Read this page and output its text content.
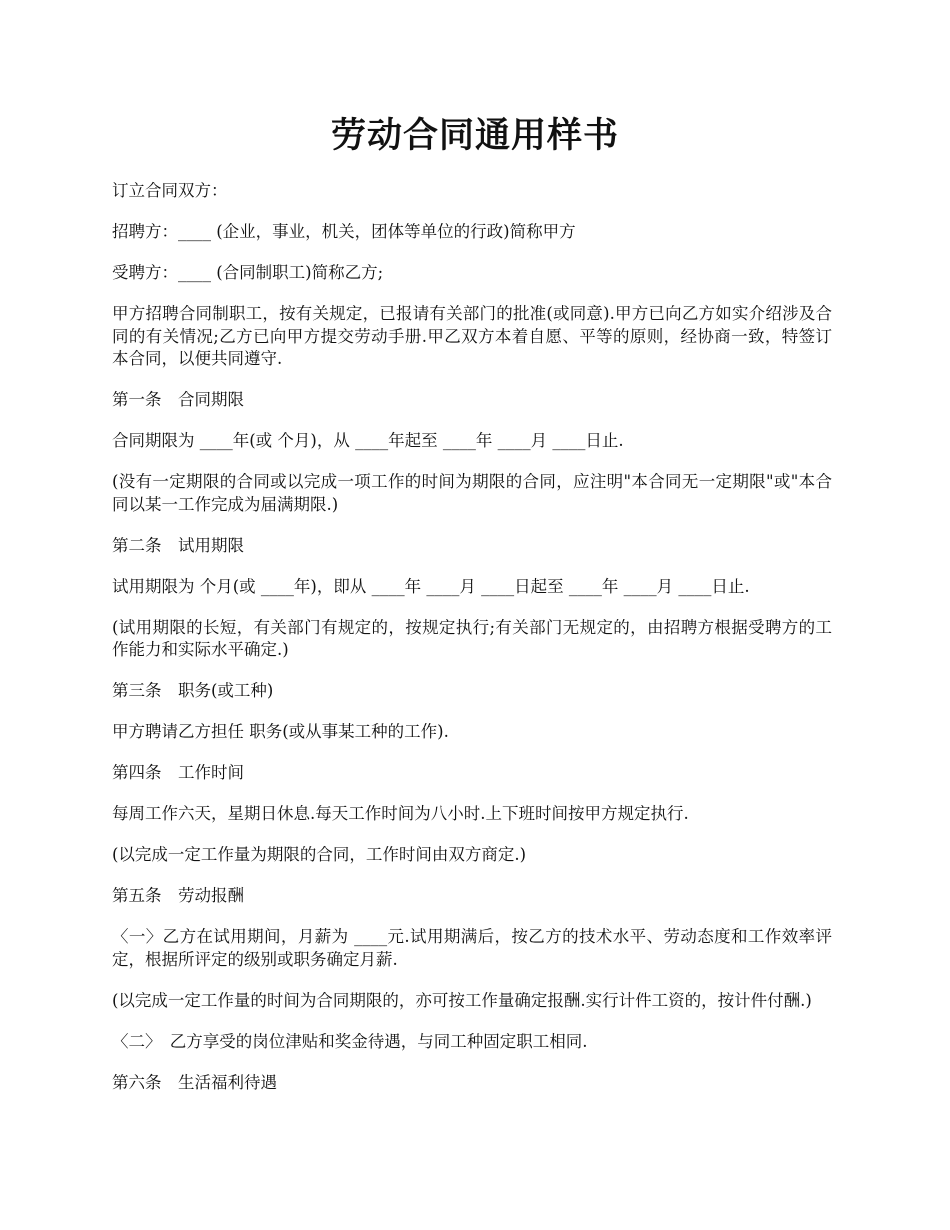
劳动合同通用样书

订立合同双方：

招聘方：____ (企业，事业，机关，团体等单位的行政)简称甲方

受聘方：____ (合同制职工)简称乙方;

甲方招聘合同制职工，按有关规定，已报请有关部门的批准(或同意).甲方已向乙方如实介绍涉及合同的有关情况;乙方已向甲方提交劳动手册.甲乙双方本着自愿、平等的原则，经协商一致，特签订本合同，以便共同遵守.

第一条　合同期限

合同期限为 ____年(或 个月)，从 ____年起至 ____年 ____月 ____日止.

(没有一定期限的合同或以完成一项工作的时间为期限的合同，应注明"本合同无一定期限"或"本合同以某一工作完成为届满期限.)

第二条　试用期限

试用期限为 个月(或 ____年)，即从 ____年 ____月 ____日起至 ____年 ____月 ____日止.

(试用期限的长短，有关部门有规定的，按规定执行;有关部门无规定的，由招聘方根据受聘方的工作能力和实际水平确定.)

第三条　职务(或工种)

甲方聘请乙方担任 职务(或从事某工种的工作).

第四条　工作时间

每周工作六天，星期日休息.每天工作时间为八小时.上下班时间按甲方规定执行.

(以完成一定工作量为期限的合同，工作时间由双方商定.)

第五条　劳动报酬

〈一〉乙方在试用期间，月薪为 ____元.试用期满后，按乙方的技术水平、劳动态度和工作效率评定，根据所评定的级别或职务确定月薪.

(以完成一定工作量的时间为合同期限的，亦可按工作量确定报酬.实行计件工资的，按计件付酬.)

〈二〉　乙方享受的岗位津贴和奖金待遇，与同工种固定职工相同.

第六条　生活福利待遇
